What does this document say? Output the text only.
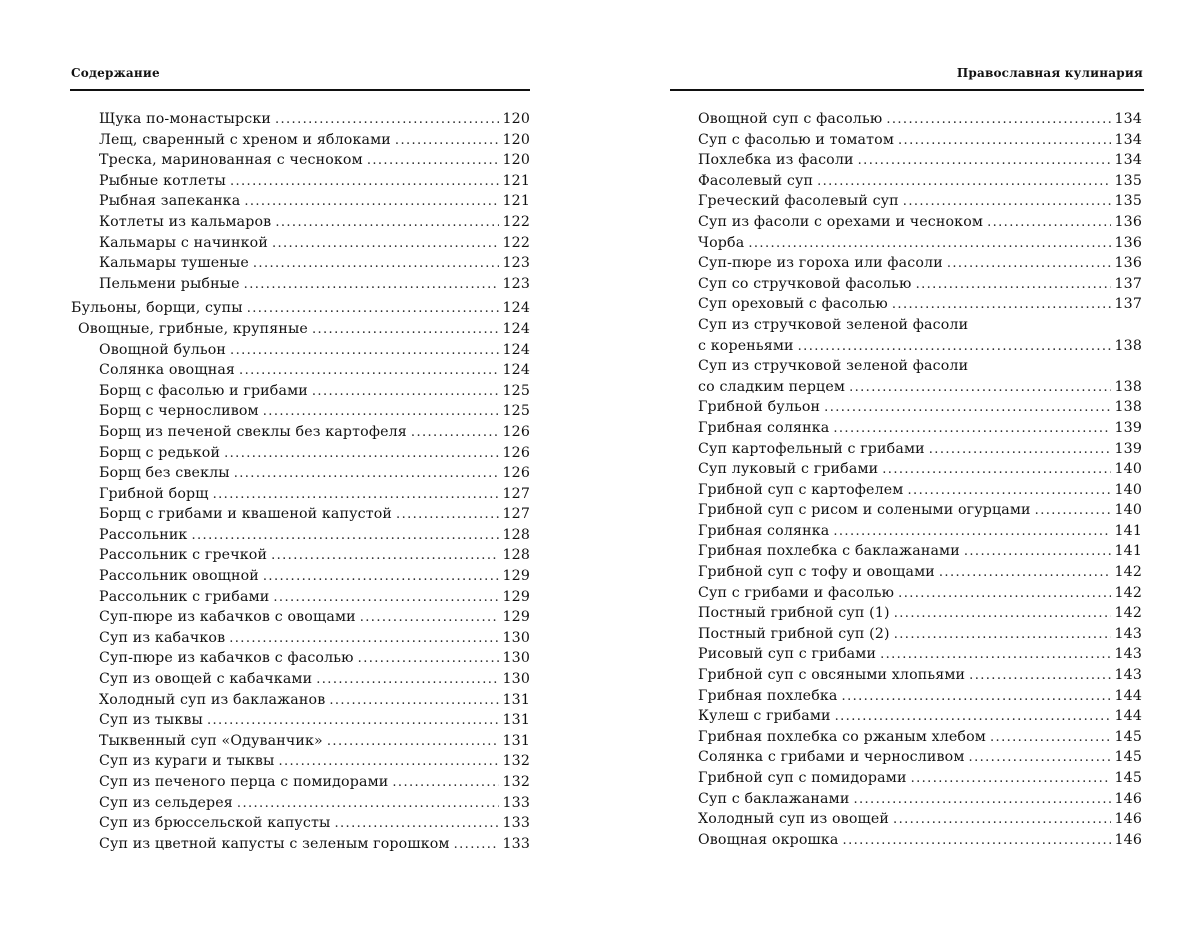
Содержание
Щука по-монастырски .....	120
Лещ, сваренный с хреном и яблоками .....	120
Треска, маринованная с чесноком .....	120
Рыбные котлеты .....	121
Рыбная запеканка .....	121
Котлеты из кальмаров .....	122
Кальмары с начинкой .....	122
Кальмары тушеные .....	123
Пельмени рыбные .....	123
Бульоны, борщи, супы .....	124
Овощные, грибные, крупяные .....	124
Овощной бульон .....	124
Солянка овощная .....	124
Борщ с фасолью и грибами .....	125
Борщ с черносливом .....	125
Борщ из печеной свеклы без картофеля .....	126
Борщ с редькой .....	126
Борщ без свеклы .....	126
Грибной борщ .....	127
Борщ с грибами и квашеной капустой .....	127
Рассольник .....	128
Рассольник с гречкой .....	128
Рассольник овощной .....	129
Рассольник с грибами .....	129
Суп-пюре из кабачков с овощами .....	129
Суп из кабачков .....	130
Суп-пюре из кабачков с фасолью .....	130
Суп из овощей с кабачками .....	130
Холодный суп из баклажанов .....	131
Суп из тыквы .....	131
Тыквенный суп «Одуванчик» .....	131
Суп из кураги и тыквы .....	132
Суп из печеного перца с помидорами .....	132
Суп из сельдерея .....	133
Суп из брюссельской капусты .....	133
Суп из цветной капусты с зеленым горошком .....	133
Православная кулинария
Овощной суп с фасолью .....	134
Суп с фасолью и томатом .....	134
Похлебка из фасоли .....	134
Фасолевый суп .....	135
Греческий фасолевый суп .....	135
Суп из фасоли с орехами и чесноком .....	136
Чорба .....	136
Суп-пюре из гороха или фасоли .....	136
Суп со стручковой фасолью .....	137
Суп ореховый с фасолью .....	137
Суп из стручковой зеленой фасоли
с кореньями .....	138
Суп из стручковой зеленой фасоли
со сладким перцем .....	138
Грибной бульон .....	138
Грибная солянка .....	139
Суп картофельный с грибами .....	139
Суп луковый с грибами .....	140
Грибной суп с картофелем .....	140
Грибной суп с рисом и солеными огурцами .....	140
Грибная солянка .....	141
Грибная похлебка с баклажанами .....	141
Грибной суп с тофу и овощами .....	142
Суп с грибами и фасолью .....	142
Постный грибной суп (1) .....	142
Постный грибной суп (2) .....	143
Рисовый суп с грибами .....	143
Грибной суп с овсяными хлопьями .....	143
Грибная похлебка .....	144
Кулеш с грибами .....	144
Грибная похлебка со ржаным хлебом .....	145
Солянка с грибами и черносливом .....	145
Грибной суп с помидорами .....	145
Суп с баклажанами .....	146
Холодный суп из овощей .....	146
Овощная окрошка .....	146
